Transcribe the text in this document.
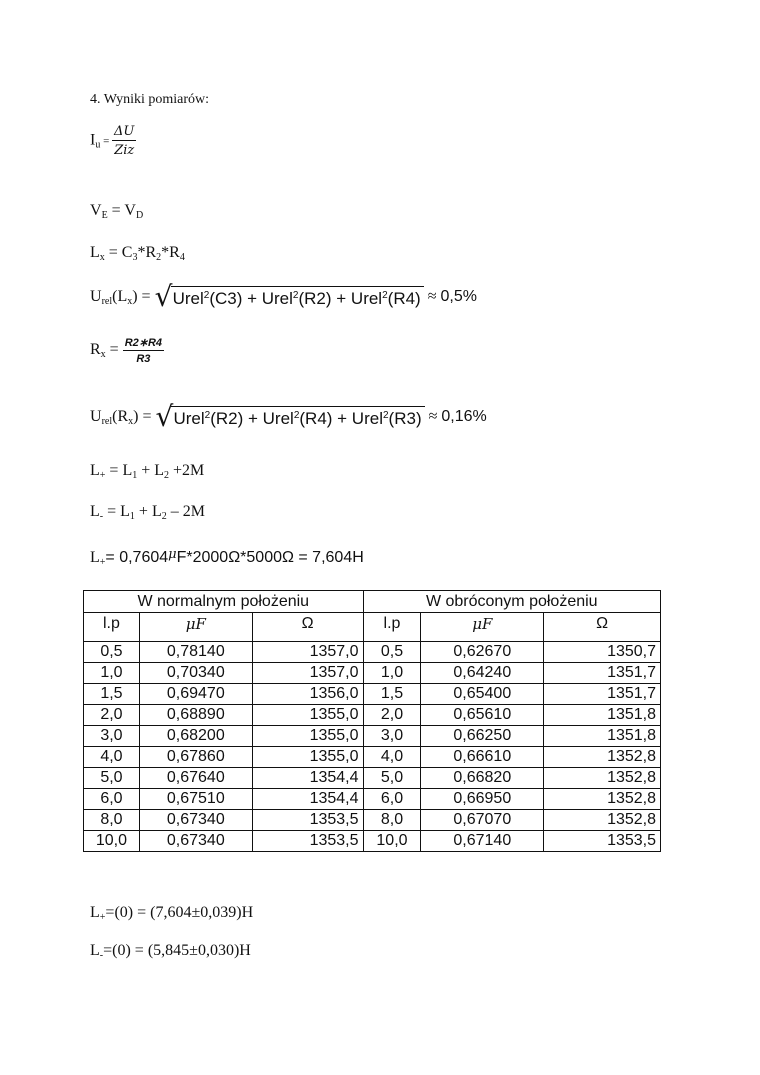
4. Wyniki pomiarów:
$I_u = \frac{\Delta U}{\text{Ziz}}$
$V_E = V_D$
$L_x = C_3*R_2*R_4$
$U_{rel}(L_x)$ = √ Urel$^2$(C3) + Urel$^2$(R2) + Urel$^2$(R4) ≈ 0,5%
$R_x = \frac{R2∗R4}{R3}$
$U_{rel}(R_x)$ = √ Urel$^2$(R2) + Urel$^2$(R4) + Urel$^2$(R3) ≈ 0,16%
$L_+ = L_1 + L_2 +2M$
$L_- = L_1 + L_2 - 2M$
$L_+= 0,7604^\mu F*2000\Omega*5000\Omega = 7,604H$
W normalnym położeniu			W obróconym położeniu		
l.p	μF	Ω	l.p	μF	Ω
0,5	0,78140	1357,0	0,5	0,62670	1350,7
1,0	0,70340	1357,0	1,0	0,64240	1351,7
1,5	0,69470	1356,0	1,5	0,65400	1351,7
2,0	0,68890	1355,0	2,0	0,65610	1351,8
3,0	0,68200	1355,0	3,0	0,66250	1351,8
4,0	0,67860	1355,0	4,0	0,66610	1352,8
5,0	0,67640	1354,4	5,0	0,66820	1352,8
6,0	0,67510	1354,4	6,0	0,66950	1352,8
8,0	0,67340	1353,5	8,0	0,67070	1352,8
10,0	0,67340	1353,5	10,0	0,67140	1353,5
$L_+=(0) = (7,604\pm 0,039)H$
$L_-=(0) = (5,845\pm 0,030)H$
